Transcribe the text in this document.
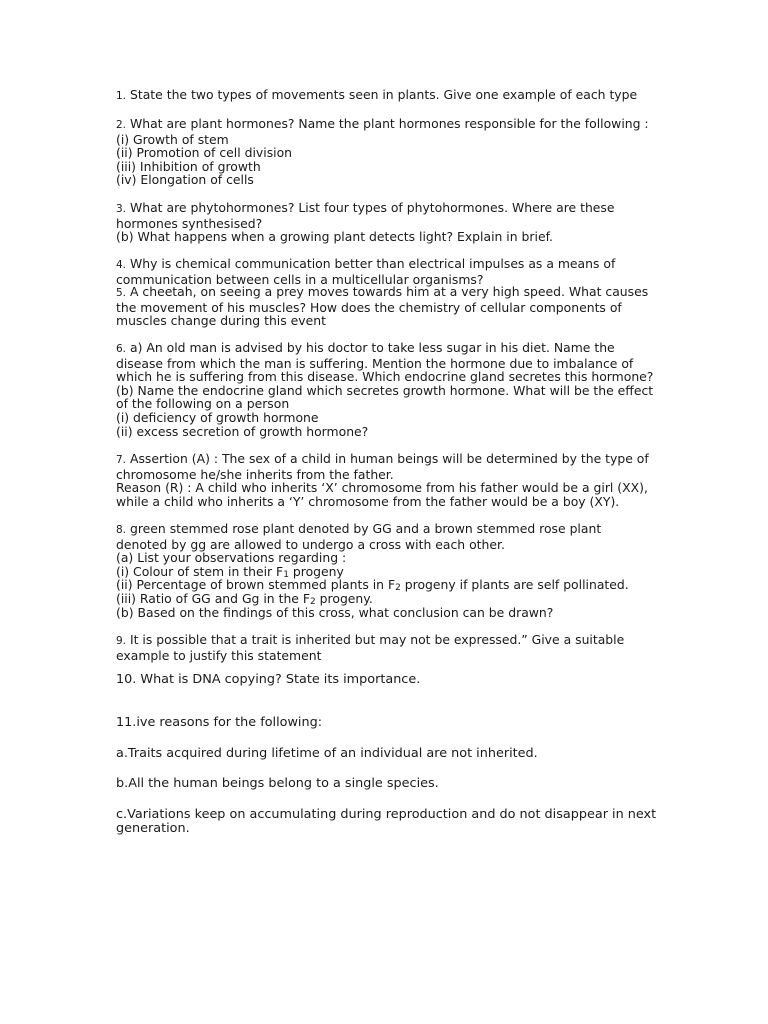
1. State the two types of movements seen in plants. Give one example of each type
2. What are plant hormones? Name the plant hormones responsible for the following :
(i) Growth of stem
(ii) Promotion of cell division
(iii) Inhibition of growth
(iv) Elongation of cells
3. What are phytohormones? List four types of phytohormones. Where are these
hormones synthesised?
(b) What happens when a growing plant detects light? Explain in brief.
4. Why is chemical communication better than electrical impulses as a means of
communication between cells in a multicellular organisms?
5. A cheetah, on seeing a prey moves towards him at a very high speed. What causes
the movement of his muscles? How does the chemistry of cellular components of
muscles change during this event
6. a) An old man is advised by his doctor to take less sugar in his diet. Name the
disease from which the man is suffering. Mention the hormone due to imbalance of
which he is suffering from this disease. Which endocrine gland secretes this hormone?
(b) Name the endocrine gland which secretes growth hormone. What will be the effect
of the following on a person
(i) deficiency of growth hormone
(ii) excess secretion of growth hormone?
7. Assertion (A) : The sex of a child in human beings will be determined by the type of
chromosome he/she inherits from the father.
Reason (R) : A child who inherits ‘X’ chromosome from his father would be a girl (XX),
while a child who inherits a ‘Y’ chromosome from the father would be a boy (XY).
8. green stemmed rose plant denoted by GG and a brown stemmed rose plant
denoted by gg are allowed to undergo a cross with each other.
(a) List your observations regarding :
(i) Colour of stem in their $F_1$ progeny
(ii) Percentage of brown stemmed plants in $F_2$ progeny if plants are self pollinated.
(iii) Ratio of GG and Gg in the $F_2$ progeny.
(b) Based on the findings of this cross, what conclusion can be drawn?
9. It is possible that a trait is inherited but may not be expressed.” Give a suitable
example to justify this statement
10. What is DNA copying? State its importance.
11.ive reasons for the following:
a.Traits acquired during lifetime of an individual are not inherited.
b.All the human beings belong to a single species.
c.Variations keep on accumulating during reproduction and do not disappear in next
generation.
